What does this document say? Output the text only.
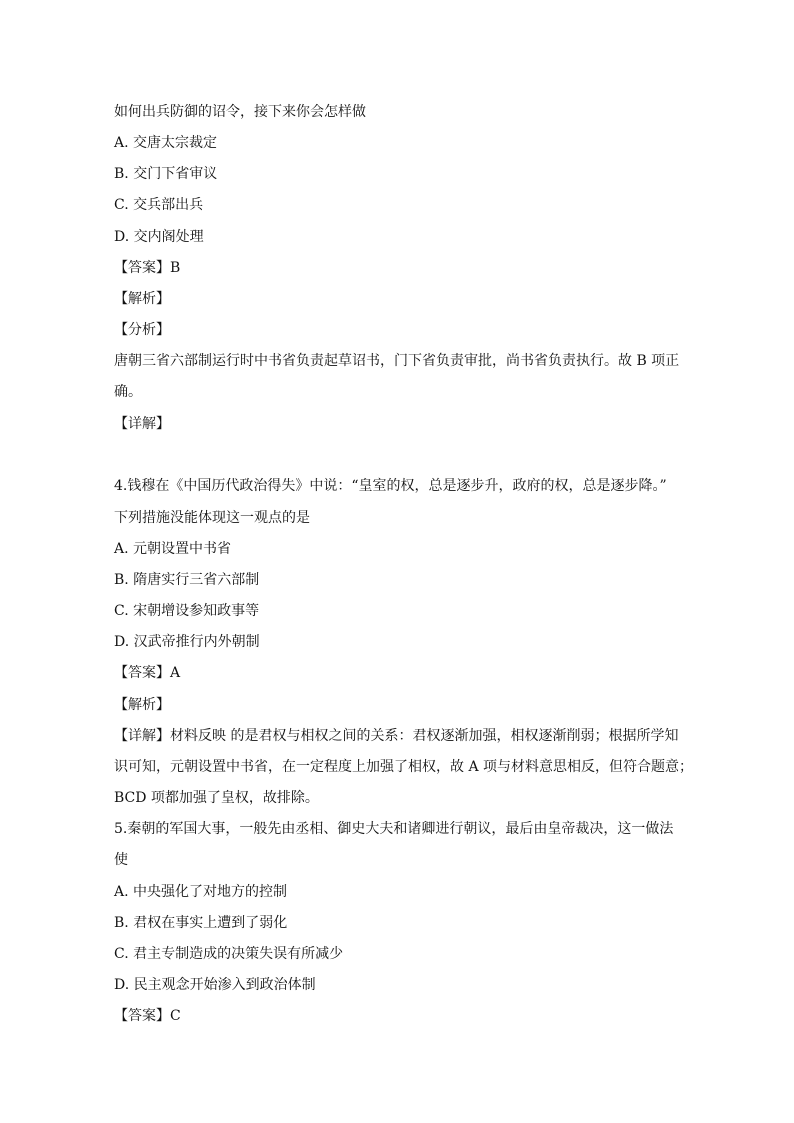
如何出兵防御的诏令，接下来你会怎样做
A. 交唐太宗裁定
B. 交门下省审议
C. 交兵部出兵
D. 交内阁处理
【答案】B
【解析】
【分析】
唐朝三省六部制运行时中书省负责起草诏书，门下省负责审批，尚书省负责执行。故 B 项正
确。
【详解】
4.钱穆在《中国历代政治得失》中说：“皇室的权，总是逐步升，政府的权，总是逐步降。”
下列措施没能体现这一观点的是
A. 元朝设置中书省
B. 隋唐实行三省六部制
C. 宋朝增设参知政事等
D. 汉武帝推行内外朝制
【答案】A
【解析】
【详解】材料反映 的是君权与相权之间的关系：君权逐渐加强，相权逐渐削弱；根据所学知
识可知，元朝设置中书省，在一定程度上加强了相权，故 A 项与材料意思相反，但符合题意；
BCD 项都加强了皇权，故排除。
5.秦朝的军国大事，一般先由丞相、御史大夫和诸卿进行朝议，最后由皇帝裁决，这一做法
使
A. 中央强化了对地方的控制
B. 君权在事实上遭到了弱化
C. 君主专制造成的决策失误有所减少
D. 民主观念开始渗入到政治体制
【答案】C
